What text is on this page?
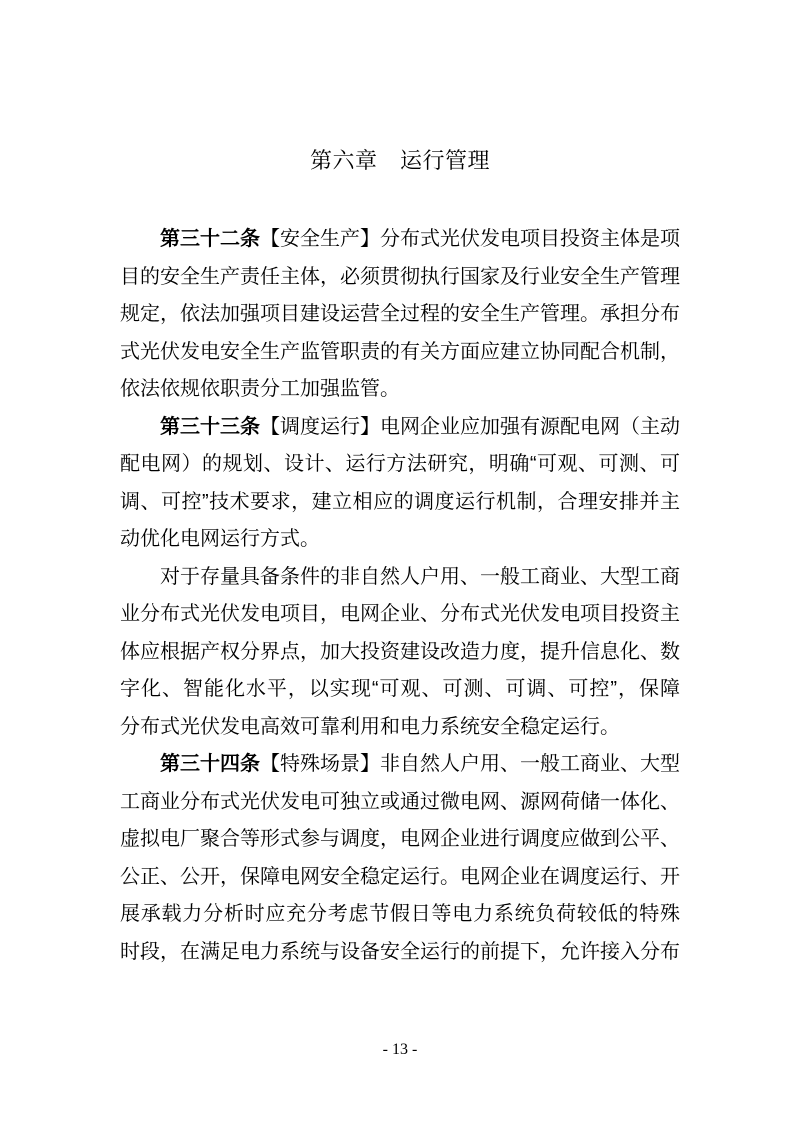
第六章　运行管理
第三十二条【安全生产】分布式光伏发电项目投资主体是项
目的安全生产责任主体，必须贯彻执行国家及行业安全生产管理
规定，依法加强项目建设运营全过程的安全生产管理。承担分布
式光伏发电安全生产监管职责的有关方面应建立协同配合机制，
依法依规依职责分工加强监管。
第三十三条【调度运行】电网企业应加强有源配电网（主动
配电网）的规划、设计、运行方法研究，明确“可观、可测、可
调、可控”技术要求，建立相应的调度运行机制，合理安排并主
动优化电网运行方式。
对于存量具备条件的非自然人户用、一般工商业、大型工商
业分布式光伏发电项目，电网企业、分布式光伏发电项目投资主
体应根据产权分界点，加大投资建设改造力度，提升信息化、数
字化、智能化水平，以实现“可观、可测、可调、可控”，保障
分布式光伏发电高效可靠利用和电力系统安全稳定运行。
第三十四条【特殊场景】非自然人户用、一般工商业、大型
工商业分布式光伏发电可独立或通过微电网、源网荷储一体化、
虚拟电厂聚合等形式参与调度，电网企业进行调度应做到公平、
公正、公开，保障电网安全稳定运行。电网企业在调度运行、开
展承载力分析时应充分考虑节假日等电力系统负荷较低的特殊
时段，在满足电力系统与设备安全运行的前提下，允许接入分布
- 13 -
